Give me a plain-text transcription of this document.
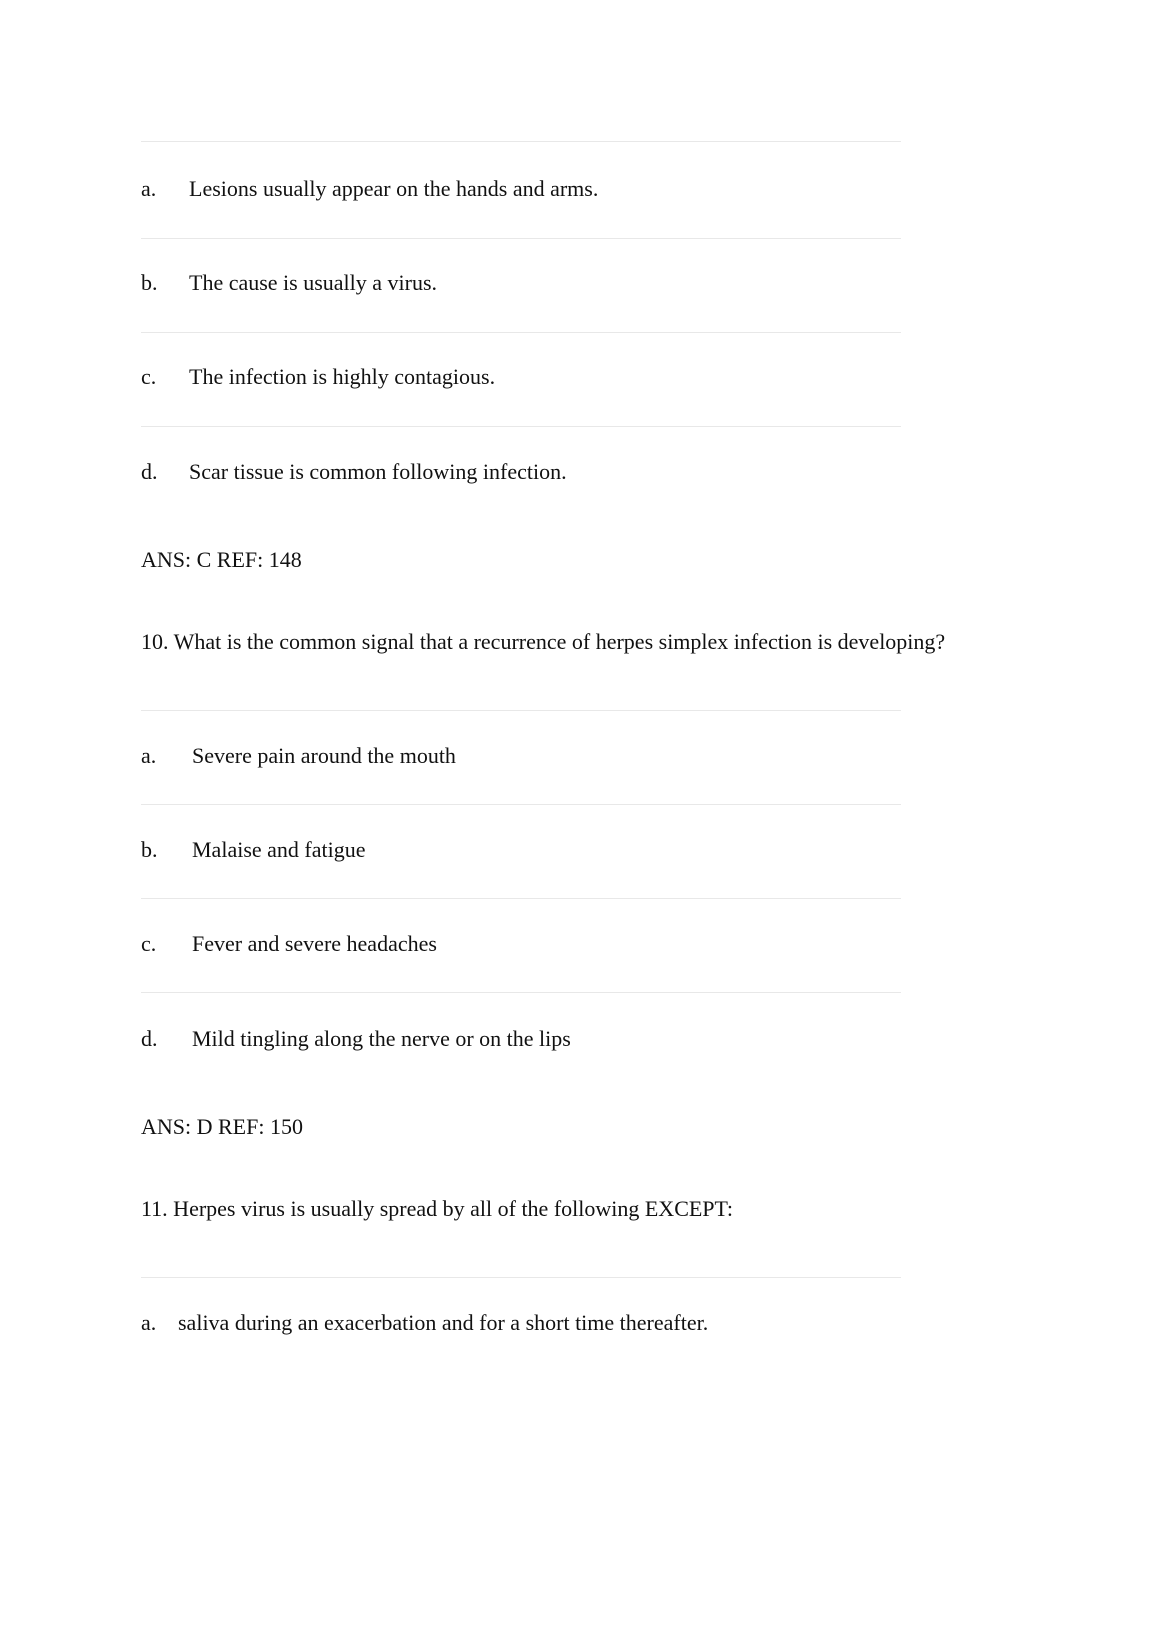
a. Lesions usually appear on the hands and arms.
b. The cause is usually a virus.
c. The infection is highly contagious.
d. Scar tissue is common following infection.
ANS: C REF: 148
10. What is the common signal that a recurrence of herpes simplex infection is developing?
a. Severe pain around the mouth
b. Malaise and fatigue
c. Fever and severe headaches
d. Mild tingling along the nerve or on the lips
ANS: D REF: 150
11. Herpes virus is usually spread by all of the following EXCEPT:
a. saliva during an exacerbation and for a short time thereafter.
